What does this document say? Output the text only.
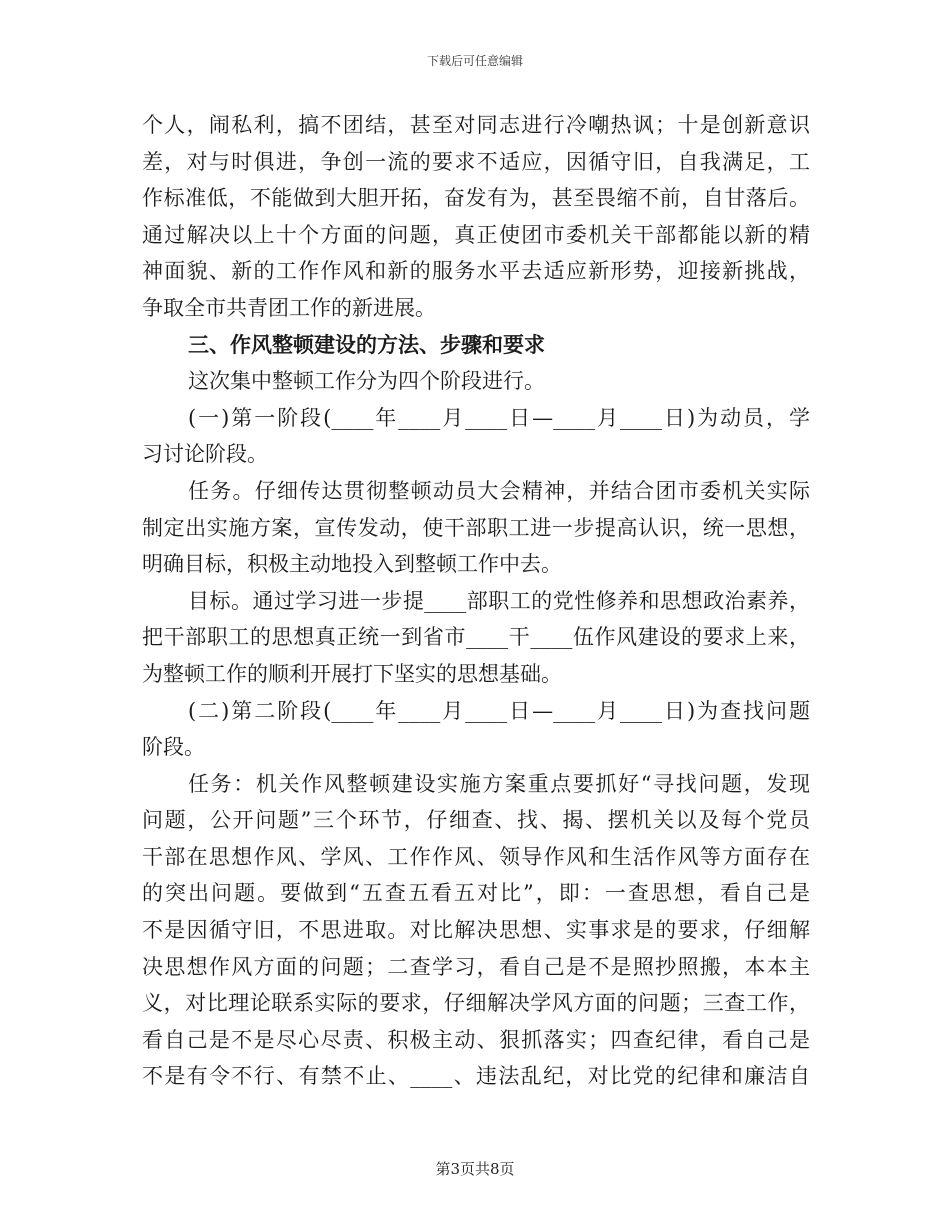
下载后可任意编辑
个人，闹私利，搞不团结，甚至对同志进行冷嘲热讽；十是创新意识
差，对与时俱进，争创一流的要求不适应，因循守旧，自我满足，工
作标准低，不能做到大胆开拓，奋发有为，甚至畏缩不前，自甘落后。
通过解决以上十个方面的问题，真正使团市委机关干部都能以新的精
神面貌、新的工作作风和新的服务水平去适应新形势，迎接新挑战，
争取全市共青团工作的新进展。
三、作风整顿建设的方法、步骤和要求
这次集中整顿工作分为四个阶段进行。
(一)第一阶段(____年____月____日—____月____日)为动员，学
习讨论阶段。
任务。仔细传达贯彻整顿动员大会精神，并结合团市委机关实际
制定出实施方案，宣传发动，使干部职工进一步提高认识，统一思想，
明确目标，积极主动地投入到整顿工作中去。
目标。通过学习进一步提____部职工的党性修养和思想政治素养，
把干部职工的思想真正统一到省市____干____伍作风建设的要求上来，
为整顿工作的顺利开展打下坚实的思想基础。
(二)第二阶段(____年____月____日—____月____日)为查找问题
阶段。
任务：机关作风整顿建设实施方案重点要抓好“寻找问题，发现
问题，公开问题”三个环节，仔细查、找、揭、摆机关以及每个党员
干部在思想作风、学风、工作作风、领导作风和生活作风等方面存在
的突出问题。要做到“五查五看五对比”，即：一查思想，看自己是
不是因循守旧，不思进取。对比解决思想、实事求是的要求，仔细解
决思想作风方面的问题；二查学习，看自己是不是照抄照搬，本本主
义，对比理论联系实际的要求，仔细解决学风方面的问题；三查工作，
看自己是不是尽心尽责、积极主动、狠抓落实；四查纪律，看自己是
不是有令不行、有禁不止、____、违法乱纪，对比党的纪律和廉洁自
第3页共8页
